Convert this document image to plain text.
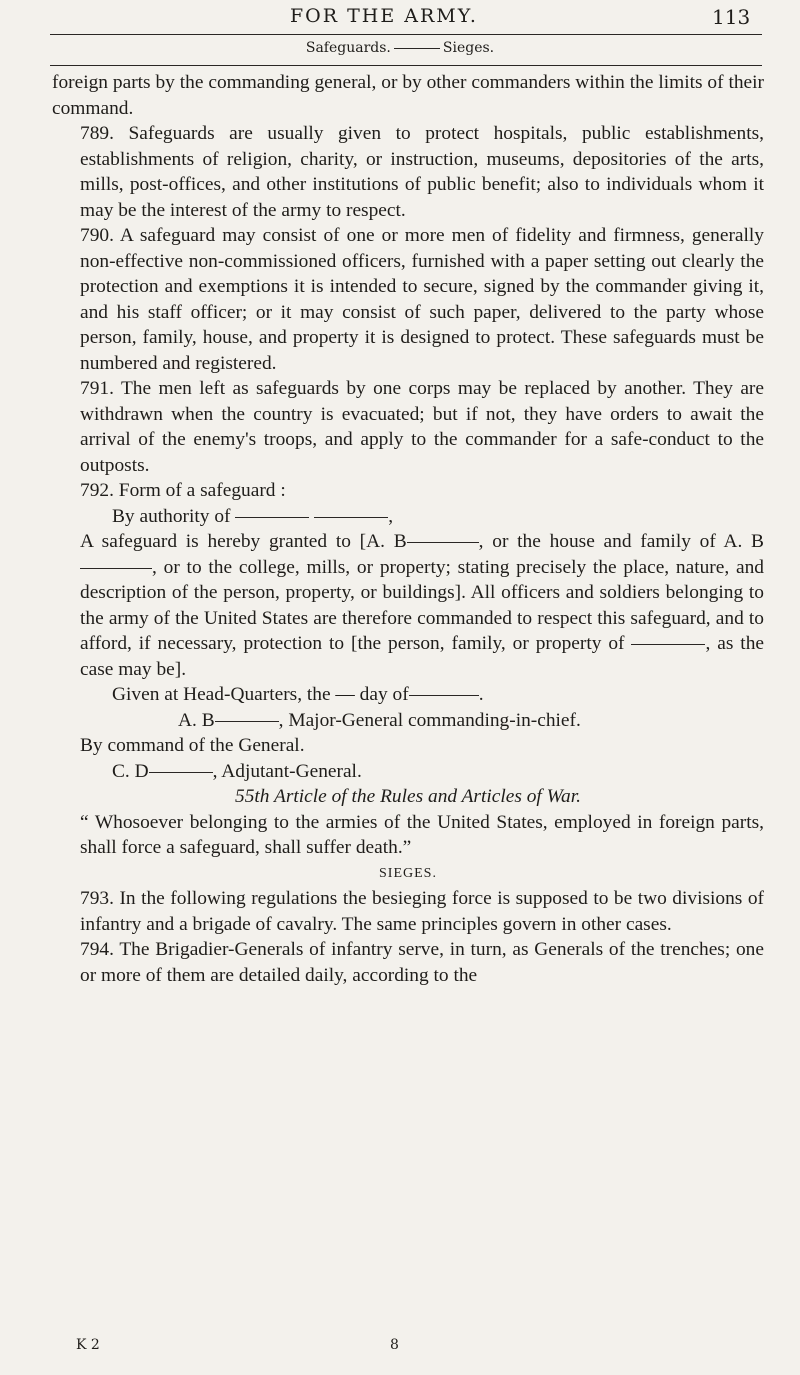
FOR THE ARMY.	113
Safeguards.	Sieges.

foreign parts by the commanding general, or by other commanders within the limits of their command.

789. Safeguards are usually given to protect hospitals, public establishments, establishments of religion, charity, or instruction, museums, depositories of the arts, mills, post-offices, and other institutions of public benefit; also to individuals whom it may be the interest of the army to respect.

790. A safeguard may consist of one or more men of fidelity and firmness, generally non-effective non-commissioned officers, furnished with a paper setting out clearly the protection and exemptions it is intended to secure, signed by the commander giving it, and his staff officer; or it may consist of such paper, delivered to the party whose person, family, house, and property it is designed to protect. These safeguards must be numbered and registered.

791. The men left as safeguards by one corps may be replaced by another. They are withdrawn when the country is evacuated; but if not, they have orders to await the arrival of the enemy's troops, and apply to the commander for a safe-conduct to the outposts.

792. Form of a safeguard :

By authority of	,

A safeguard is hereby granted to [A. B	, or the house and family of A. B, or to the college, mills, or property; stating precisely the place, nature, and description of the person, property, or buildings]. All officers and soldiers belonging to the army of the United States are therefore commanded to respect this safeguard, and to afford, if necessary, protection to [the person, family, or property of	, as the case may be].

Given at Head-Quarters, the — day of	.

A. B	, Major-General commanding-in-chief.

By command of the General.

C. D	, Adjutant-General.

55th Article of the Rules and Articles of War.

“ Whosoever belonging to the armies of the United States, employed in foreign parts, shall force a safeguard, shall suffer death.”

SIEGES.

793. In the following regulations the besieging force is supposed to be two divisions of infantry and a brigade of cavalry. The same principles govern in other cases.

794. The Brigadier-Generals of infantry serve, in turn, as Generals of the trenches; one or more of them are detailed daily, according to the

K 2	8
